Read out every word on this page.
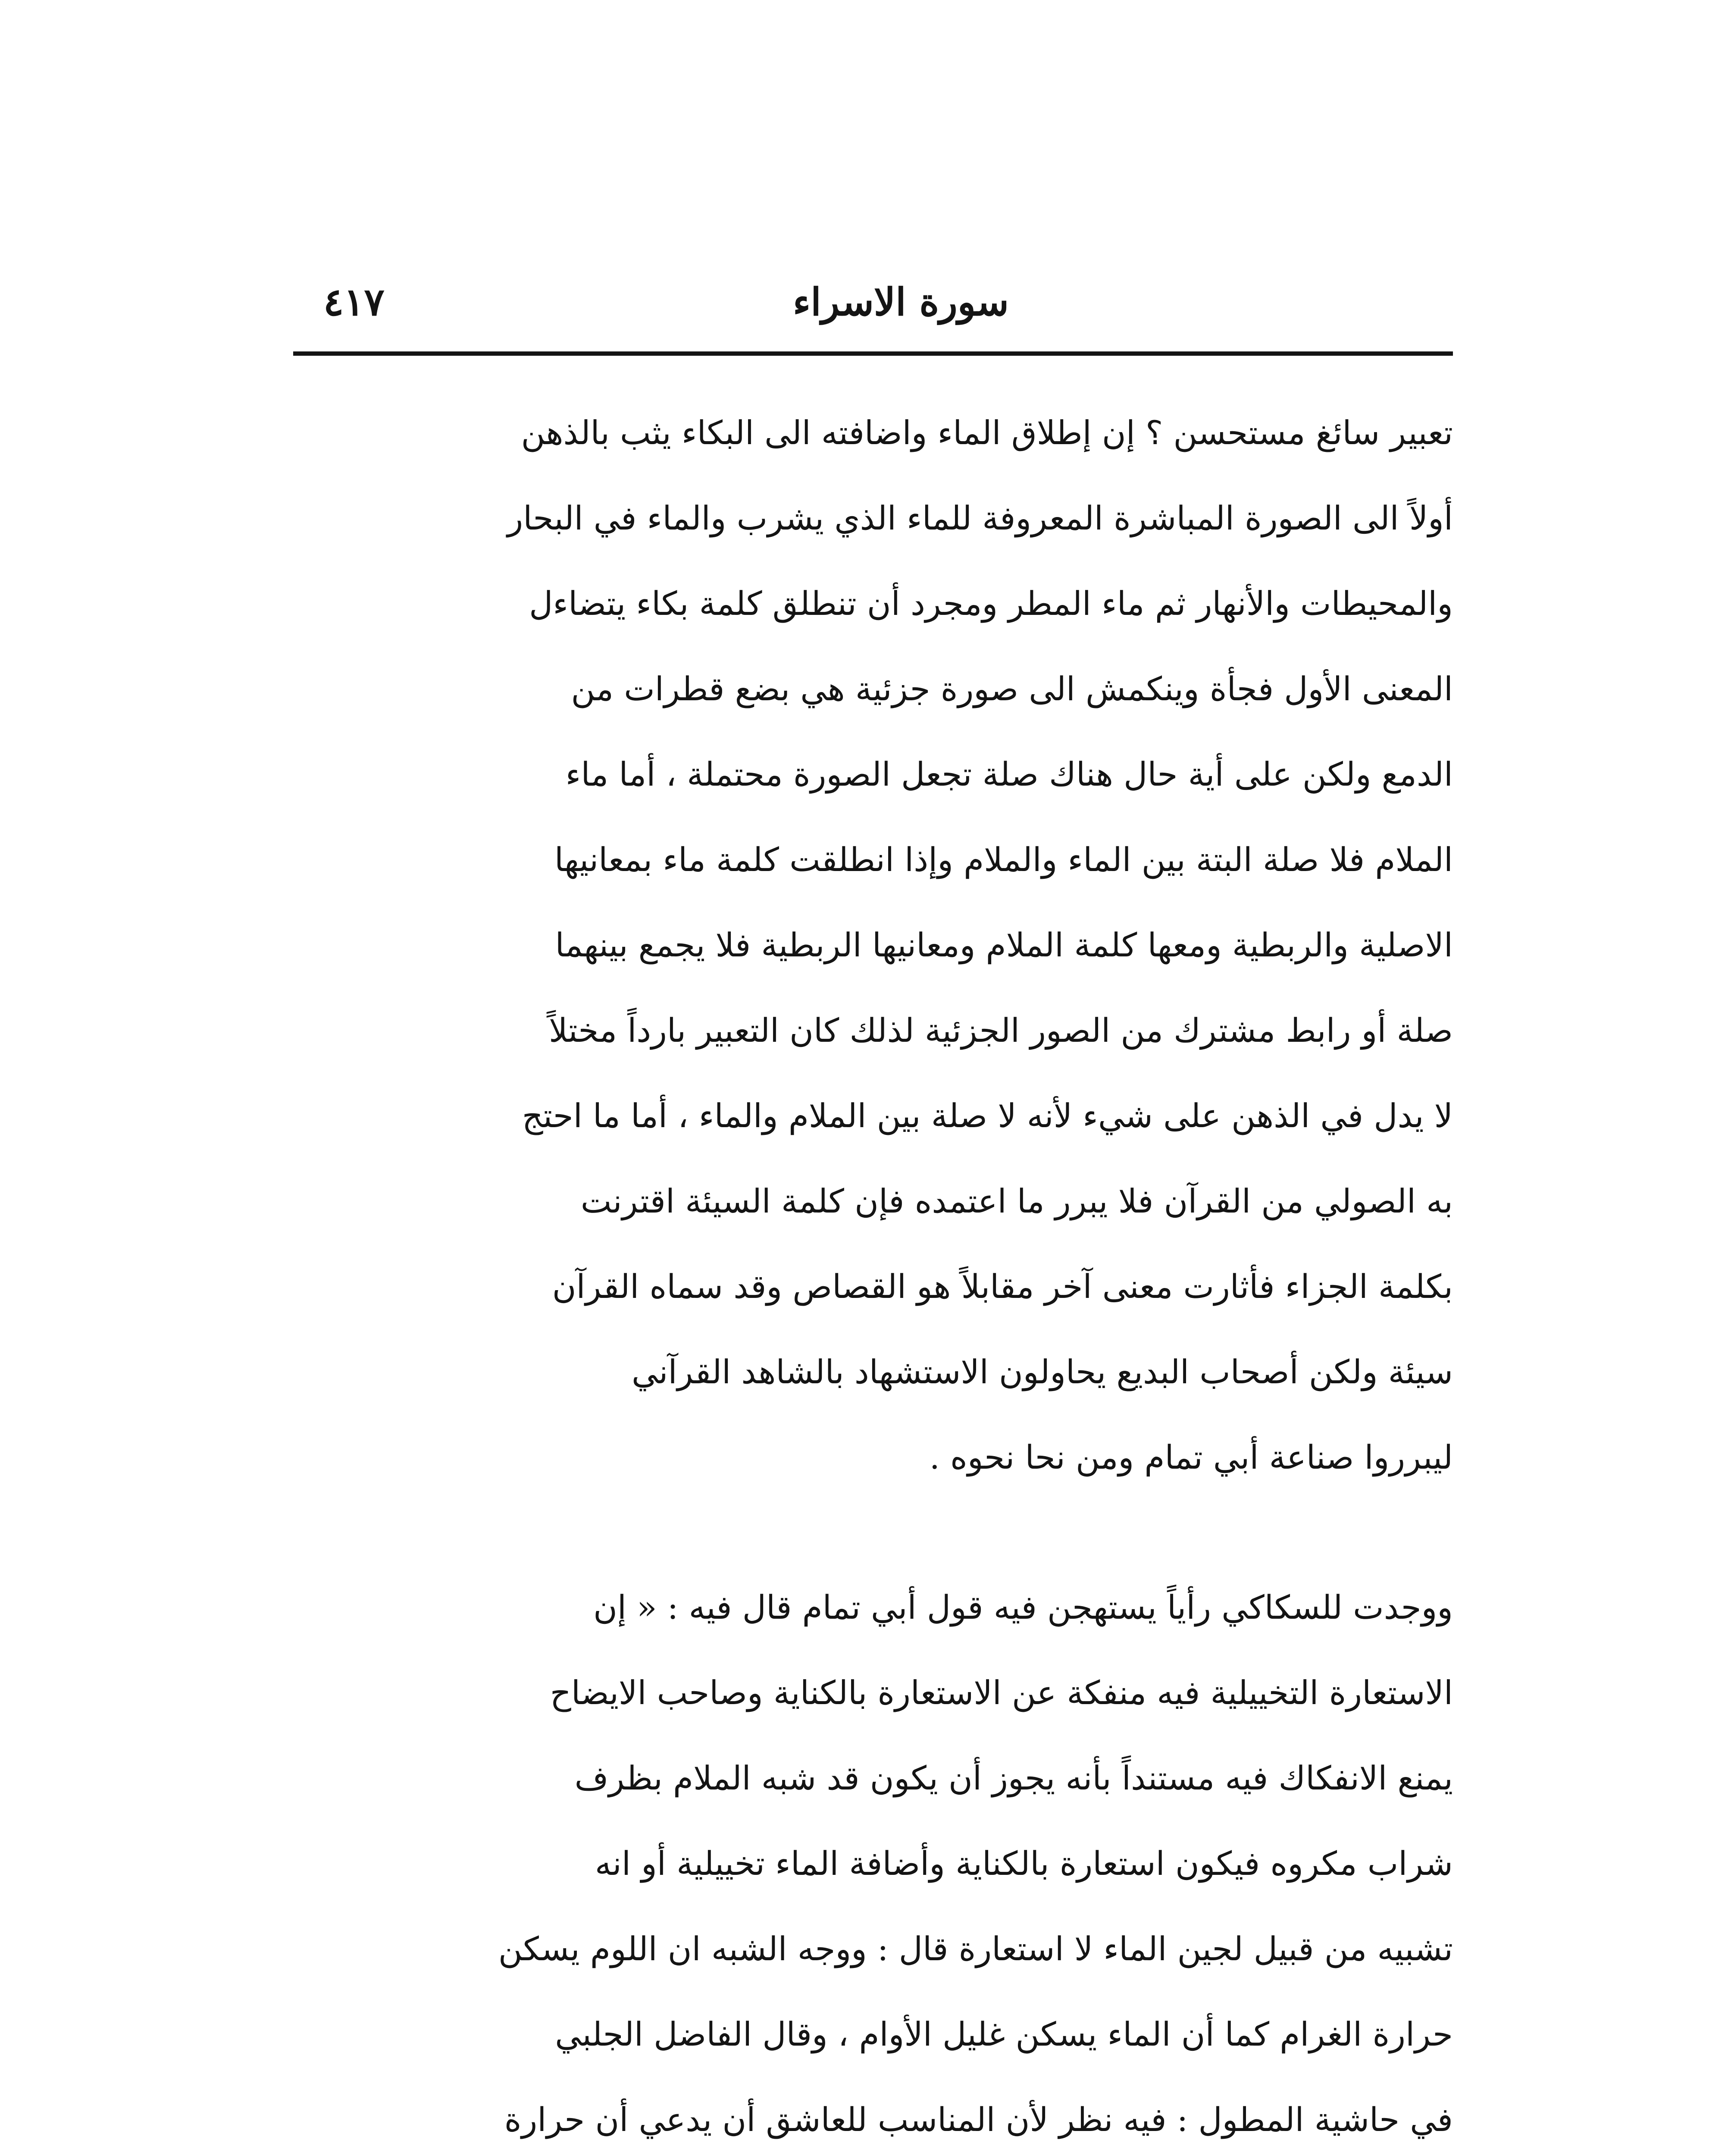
سورة الاسراء
٤١٧
تعبير سائغ مستحسن ؟ إن إطلاق الماء واضافته الى البكاء يثب بالذهن
أولاً الى الصورة المباشرة المعروفة للماء الذي يشرب والماء في البحار
والمحيطات والأنهار ثم ماء المطر ومجرد أن تنطلق كلمة بكاء يتضاءل
المعنى الأول فجأة وينكمش الى صورة جزئية هي بضع قطرات من
الدمع ولكن على أية حال هناك صلة تجعل الصورة محتملة ، أما ماء
الملام فلا صلة البتة بين الماء والملام وإذا انطلقت كلمة ماء بمعانيها
الاصلية والربطية ومعها كلمة الملام ومعانيها الربطية فلا يجمع بينهما
صلة أو رابط مشترك من الصور الجزئية لذلك كان التعبير بارداً مختلاً
لا يدل في الذهن على شيء لأنه لا صلة بين الملام والماء ، أما ما احتج
به الصولي من القرآن فلا يبرر ما اعتمده فإن كلمة السيئة اقترنت
بكلمة الجزاء فأثارت معنى آخر مقابلاً هو القصاص وقد سماه القرآن
سيئة ولكن أصحاب البديع يحاولون الاستشهاد بالشاهد القرآني
ليبرروا صناعة أبي تمام ومن نحا نحوه .
ووجدت للسكاكي رأياً يستهجن فيه قول أبي تمام قال فيه : « إن
الاستعارة التخييلية فيه منفكة عن الاستعارة بالكناية وصاحب الايضاح
يمنع الانفكاك فيه مستنداً بأنه يجوز أن يكون قد شبه الملام بظرف
شراب مكروه فيكون استعارة بالكناية وأضافة الماء تخييلية أو انه
تشبيه من قبيل لجين الماء لا استعارة قال : ووجه الشبه ان اللوم يسكن
حرارة الغرام كما أن الماء يسكن غليل الأوام ، وقال الفاضل الجلبي
في حاشية المطول : فيه نظر لأن المناسب للعاشق أن يدعي أن حرارة
